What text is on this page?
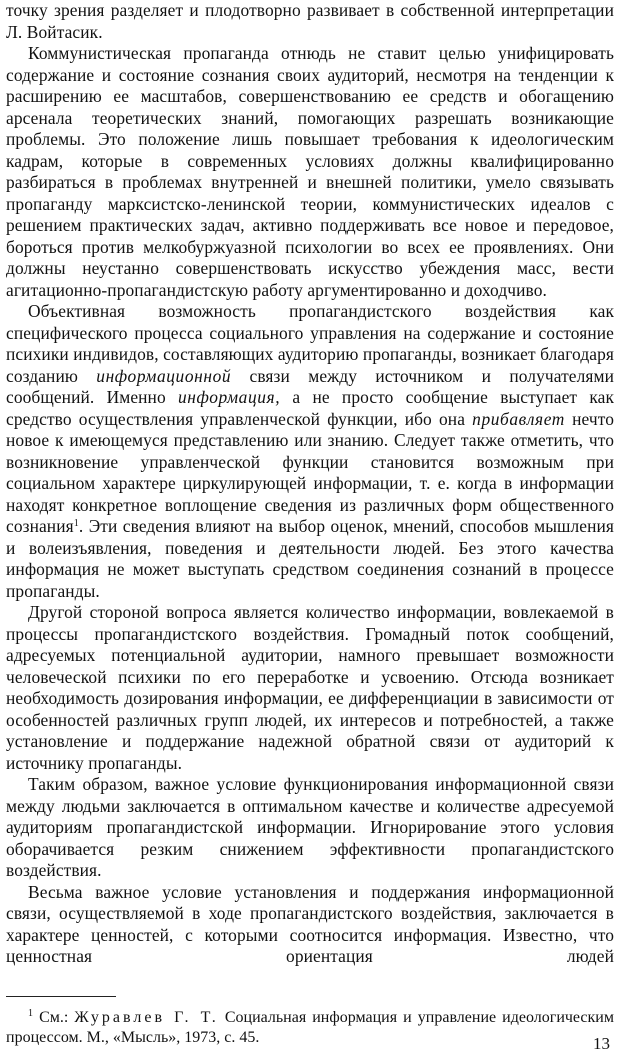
точку зрения разделяет и плодотворно развивает в собственной интерпретации Л. Войтасик.

Коммунистическая пропаганда отнюдь не ставит целью унифицировать содержание и состояние сознания своих аудиторий, несмотря на тенденции к расширению ее масштабов, совершенствованию ее средств и обогащению арсенала теоретических знаний, помогающих разрешать возникающие проблемы. Это положение лишь повышает требования к идеологическим кадрам, которые в современных условиях должны квалифицированно разбираться в проблемах внутренней и внешней политики, умело связывать пропаганду марксистско-ленинской теории, коммунистических идеалов с решением практических задач, активно поддерживать все новое и передовое, бороться против мелкобуржуазной психологии во всех ее проявлениях. Они должны неустанно совершенствовать искусство убеждения масс, вести агитационно-пропагандистскую работу аргументированно и доходчиво.

Объективная возможность пропагандистского воздействия как специфического процесса социального управления на содержание и состояние психики индивидов, составляющих аудиторию пропаганды, возникает благодаря созданию информационной связи между источником и получателями сообщений. Именно информация, а не просто сообщение выступает как средство осуществления управленческой функции, ибо она прибавляет нечто новое к имеющемуся представлению или знанию. Следует также отметить, что возникновение управленческой функции становится возможным при социальном характере циркулирующей информации, т. е. когда в информации находят конкретное воплощение сведения из различных форм общественного сознания$^1$. Эти сведения влияют на выбор оценок, мнений, способов мышления и волеизъявления, поведения и деятельности людей. Без этого качества информация не может выступать средством соединения сознаний в процессе пропаганды.

Другой стороной вопроса является количество информации, вовлекаемой в процессы пропагандистского воздействия. Громадный поток сообщений, адресуемых потенциальной аудитории, намного превышает возможности человеческой психики по его переработке и усвоению. Отсюда возникает необходимость дозирования информации, ее дифференциации в зависимости от особенностей различных групп людей, их интересов и потребностей, а также установление и поддержание надежной обратной связи от аудиторий к источнику пропаганды.

Таким образом, важное условие функционирования информационной связи между людьми заключается в оптимальном качестве и количестве адресуемой аудиториям пропагандистской информации. Игнорирование этого условия оборачивается резким снижением эффективности пропагандистского воздействия.

Весьма важное условие установления и поддержания информационной связи, осуществляемой в ходе пропагандистского воздействия, заключается в характере ценностей, с которыми соотносится информация. Известно, что ценностная ориентация людей

$^1$ См.: Журавлев Г. Т. Социальная информация и управление идеологическим процессом. М., «Мысль», 1973, с. 45.	13
